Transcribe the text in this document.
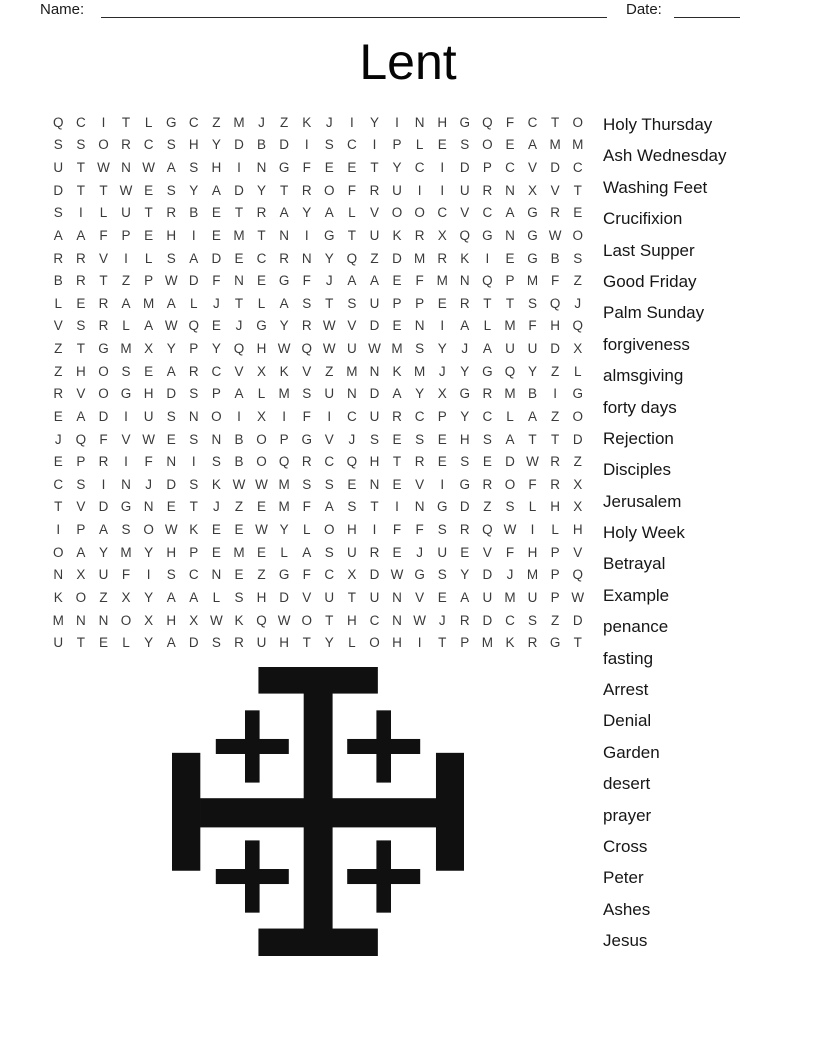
Name:	Date:
Lent
Q C	I	T	L	G C	Z M	J	Z	K	J	I	Y	I	N H G Q F	C	T O
S	S O R C S H Y D B D	I	S C	I	P	L	E	S O E	A M M
U	T W N W A	S H	I	N G F	E	E	T	Y C	I	D P C V D C
D	T	T W E	S	Y	A D Y	T	R O F	R U	I	I	U R N X	V	T
S	I	L	U	T	R B	E	T	R A	Y	A	L	V O O C V C A G R E
A	A	F	P	E H	I	E M T	N	I	G T	U K R X Q G N G W O
R R V	I	L	S	A D E C R N Y Q Z	D M R K	I	E G B	S
B R	T	Z	P W D	F	N E G F	J	A	A	E	F M N Q P M F	Z
L	E R A M A	L	J	T	L	A	S	T	S U P	P	E R	T	T	S Q	J
V	S R	L	A W Q E	J	G Y R W V D E N	I	A	L M F	H Q
Z	T G M X	Y	P	Y Q H W Q W U W M S	Y	J	A U U D X
Z	H O S	E	A R C V	X	K	V	Z M N K M	J	Y G Q Y	Z	L
R V O G H D S	P	A	L M S U N D A	Y	X G R M B	I	G
E	A D	I	U S N O	I	X	I	F	I	C U R C P	Y C	L	A	Z O
J	Q F	V W E	S N B O P G V	J	S	E	S	E H S	A	T	T	D
E	P R	I	F	N	I	S	B O Q R C Q H	T	R E	S	E D W R	Z
C S	I	N	J	D S	K W W M S	S	E N E	V	I	G R O F	R X
T	V D G N E	T	J	Z	E M F	A	S	T	I	N G D	Z	S	L	H X
I	P	A	S O W K	E	E W Y	L	O H	I	F	F	S R Q W	I	L	H
O A	Y M Y H P	E M E	L	A	S U R E	J	U E	V	F	H P	V
N X U	F	I	S C N E	Z G F	C X D W G S	Y D	J	M P Q
K O Z	X	Y	A	A	L	S H D V U	T	U N V	E	A U M U P W
M N N O X H X W K Q W O T	H C N W J	R D C S	Z	D
U	T	E	L	Y	A D S R U H	T	Y	L	O H	I	T	P M K R G T
Holy Thursday
Ash Wednesday
Washing Feet
Crucifixion
Last Supper
Good Friday
Palm Sunday
forgiveness
almsgiving
forty days
Rejection
Disciples
Jerusalem
Holy Week
Betrayal
Example
penance
fasting
Arrest
Denial
Garden
desert
prayer
Cross
Peter
Ashes
Jesus
